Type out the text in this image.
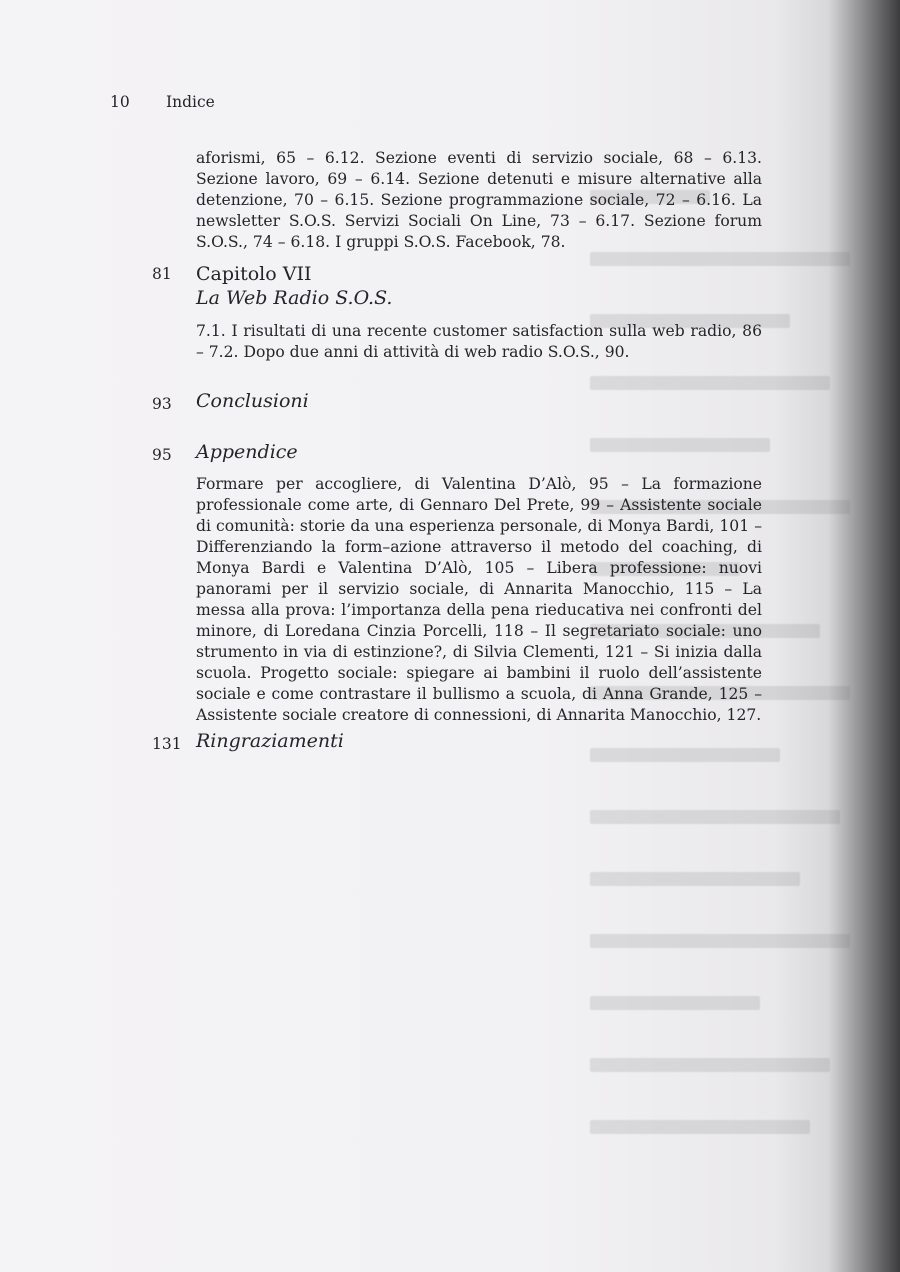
10 Indice
aforismi, 65 – 6.12. Sezione eventi di servizio sociale, 68 – 6.13. Sezione lavoro, 69 – 6.14. Sezione detenuti e misure alternative alla detenzione, 70 – 6.15. Sezione programmazione sociale, 72 – 6.16. La newsletter S.O.S. Servizi Sociali On Line, 73 – 6.17. Sezione forum S.O.S., 74 – 6.18. I gruppi S.O.S. Facebook, 78.
81 Capitolo VII
La Web Radio S.O.S.
7.1. I risultati di una recente customer satisfaction sulla web radio, 86 – 7.2. Dopo due anni di attività di web radio S.O.S., 90.
93 Conclusioni
95 Appendice
Formare per accogliere, di Valentina D’Alò, 95 – La formazione professionale come arte, di Gennaro Del Prete, 99 – Assistente sociale di comunità: storie da una esperienza personale, di Monya Bardi, 101 – Differenziando la form–azione attraverso il metodo del coaching, di Monya Bardi e Valentina D’Alò, 105 – Libera professione: nuovi panorami per il servizio sociale, di Annarita Manocchio, 115 – La messa alla prova: l’importanza della pena rieducativa nei confronti del minore, di Loredana Cinzia Porcelli, 118 – Il segretariato sociale: uno strumento in via di estinzione?, di Silvia Clementi, 121 – Si inizia dalla scuola. Progetto sociale: spiegare ai bambini il ruolo dell’assistente sociale e come contrastare il bullismo a scuola, di Anna Grande, 125 – Assistente sociale creatore di connessioni, di Annarita Manocchio, 127.
131 Ringraziamenti
